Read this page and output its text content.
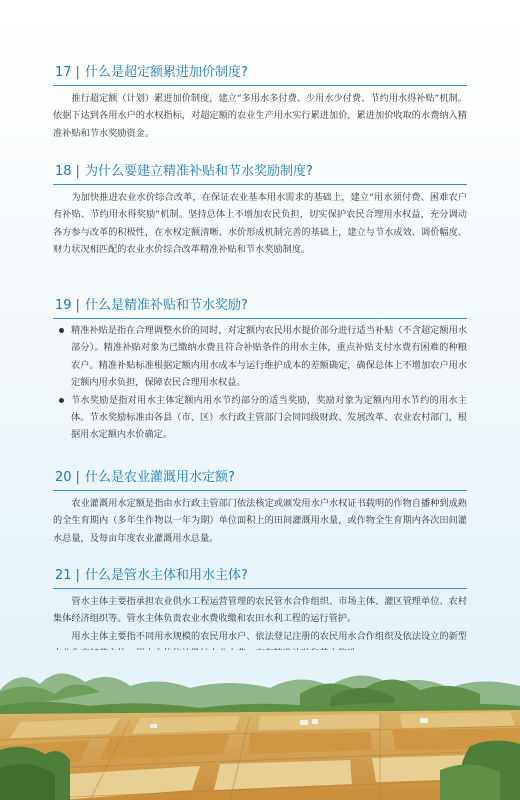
17 | 什么是超定额累进加价制度?

推行超定额（计划）累进加价制度，建立“多用水多付费、少用水少付费、节约用水得补贴”机制。依据下达到各用水户的水权指标，对超定额的农业生产用水实行累进加价，累进加价收取的水费纳入精准补贴和节水奖励资金。

18 | 为什么要建立精准补贴和节水奖励制度?

为加快推进农业水价综合改革，在保证农业基本用水需求的基础上，建立“用水须付费、困难农户有补贴、节约用水得奖励”机制。坚持总体上不增加农民负担，切实保护农民合理用水权益，充分调动各方参与改革的积极性，在水权定额清晰、水价形成机制完善的基础上，建立与节水成效、调价幅度、财力状况相匹配的农业水价综合改革精准补贴和节水奖励制度。

19 | 什么是精准补贴和节水奖励?

精准补贴是指在合理调整水价的同时，对定额内农民用水提价部分进行适当补贴（不含超定额用水部分）。精准补贴对象为已缴纳水费且符合补贴条件的用水主体，重点补贴支付水费有困难的种粮农户。精准补贴标准根据定额内用水成本与运行维护成本的差额确定，确保总体上不增加农户用水定额内用水负担，保障农民合理用水权益。

节水奖励是指对用水主体定额内用水节约部分的适当奖励，奖励对象为定额内用水节约的用水主体。节水奖励标准由各县（市、区）水行政主管部门会同同级财政、发展改革、农业农村部门，根据用水定额内水价确定。

20 | 什么是农业灌溉用水定额?

农业灌溉用水定额是指由水行政主管部门依法核定或颁发用水户水权证书载明的作物自播种到成熟的全生育期内（多年生作物以一年为期）单位面积上的田间灌溉用水量，或作物全生育期内各次田间灌水总量，及每亩年度农业灌溉用水总量。

21 | 什么是管水主体和用水主体?

管水主体主要指承担农业供水工程运营管理的农民管水合作组织、市场主体、灌区管理单位、农村集体经济组织等。管水主体负责农业水费收缴和农田水利工程的运行管护。

用水主体主要指不同用水规模的农民用水户、依法登记注册的农民用水合作组织及依法设立的新型
